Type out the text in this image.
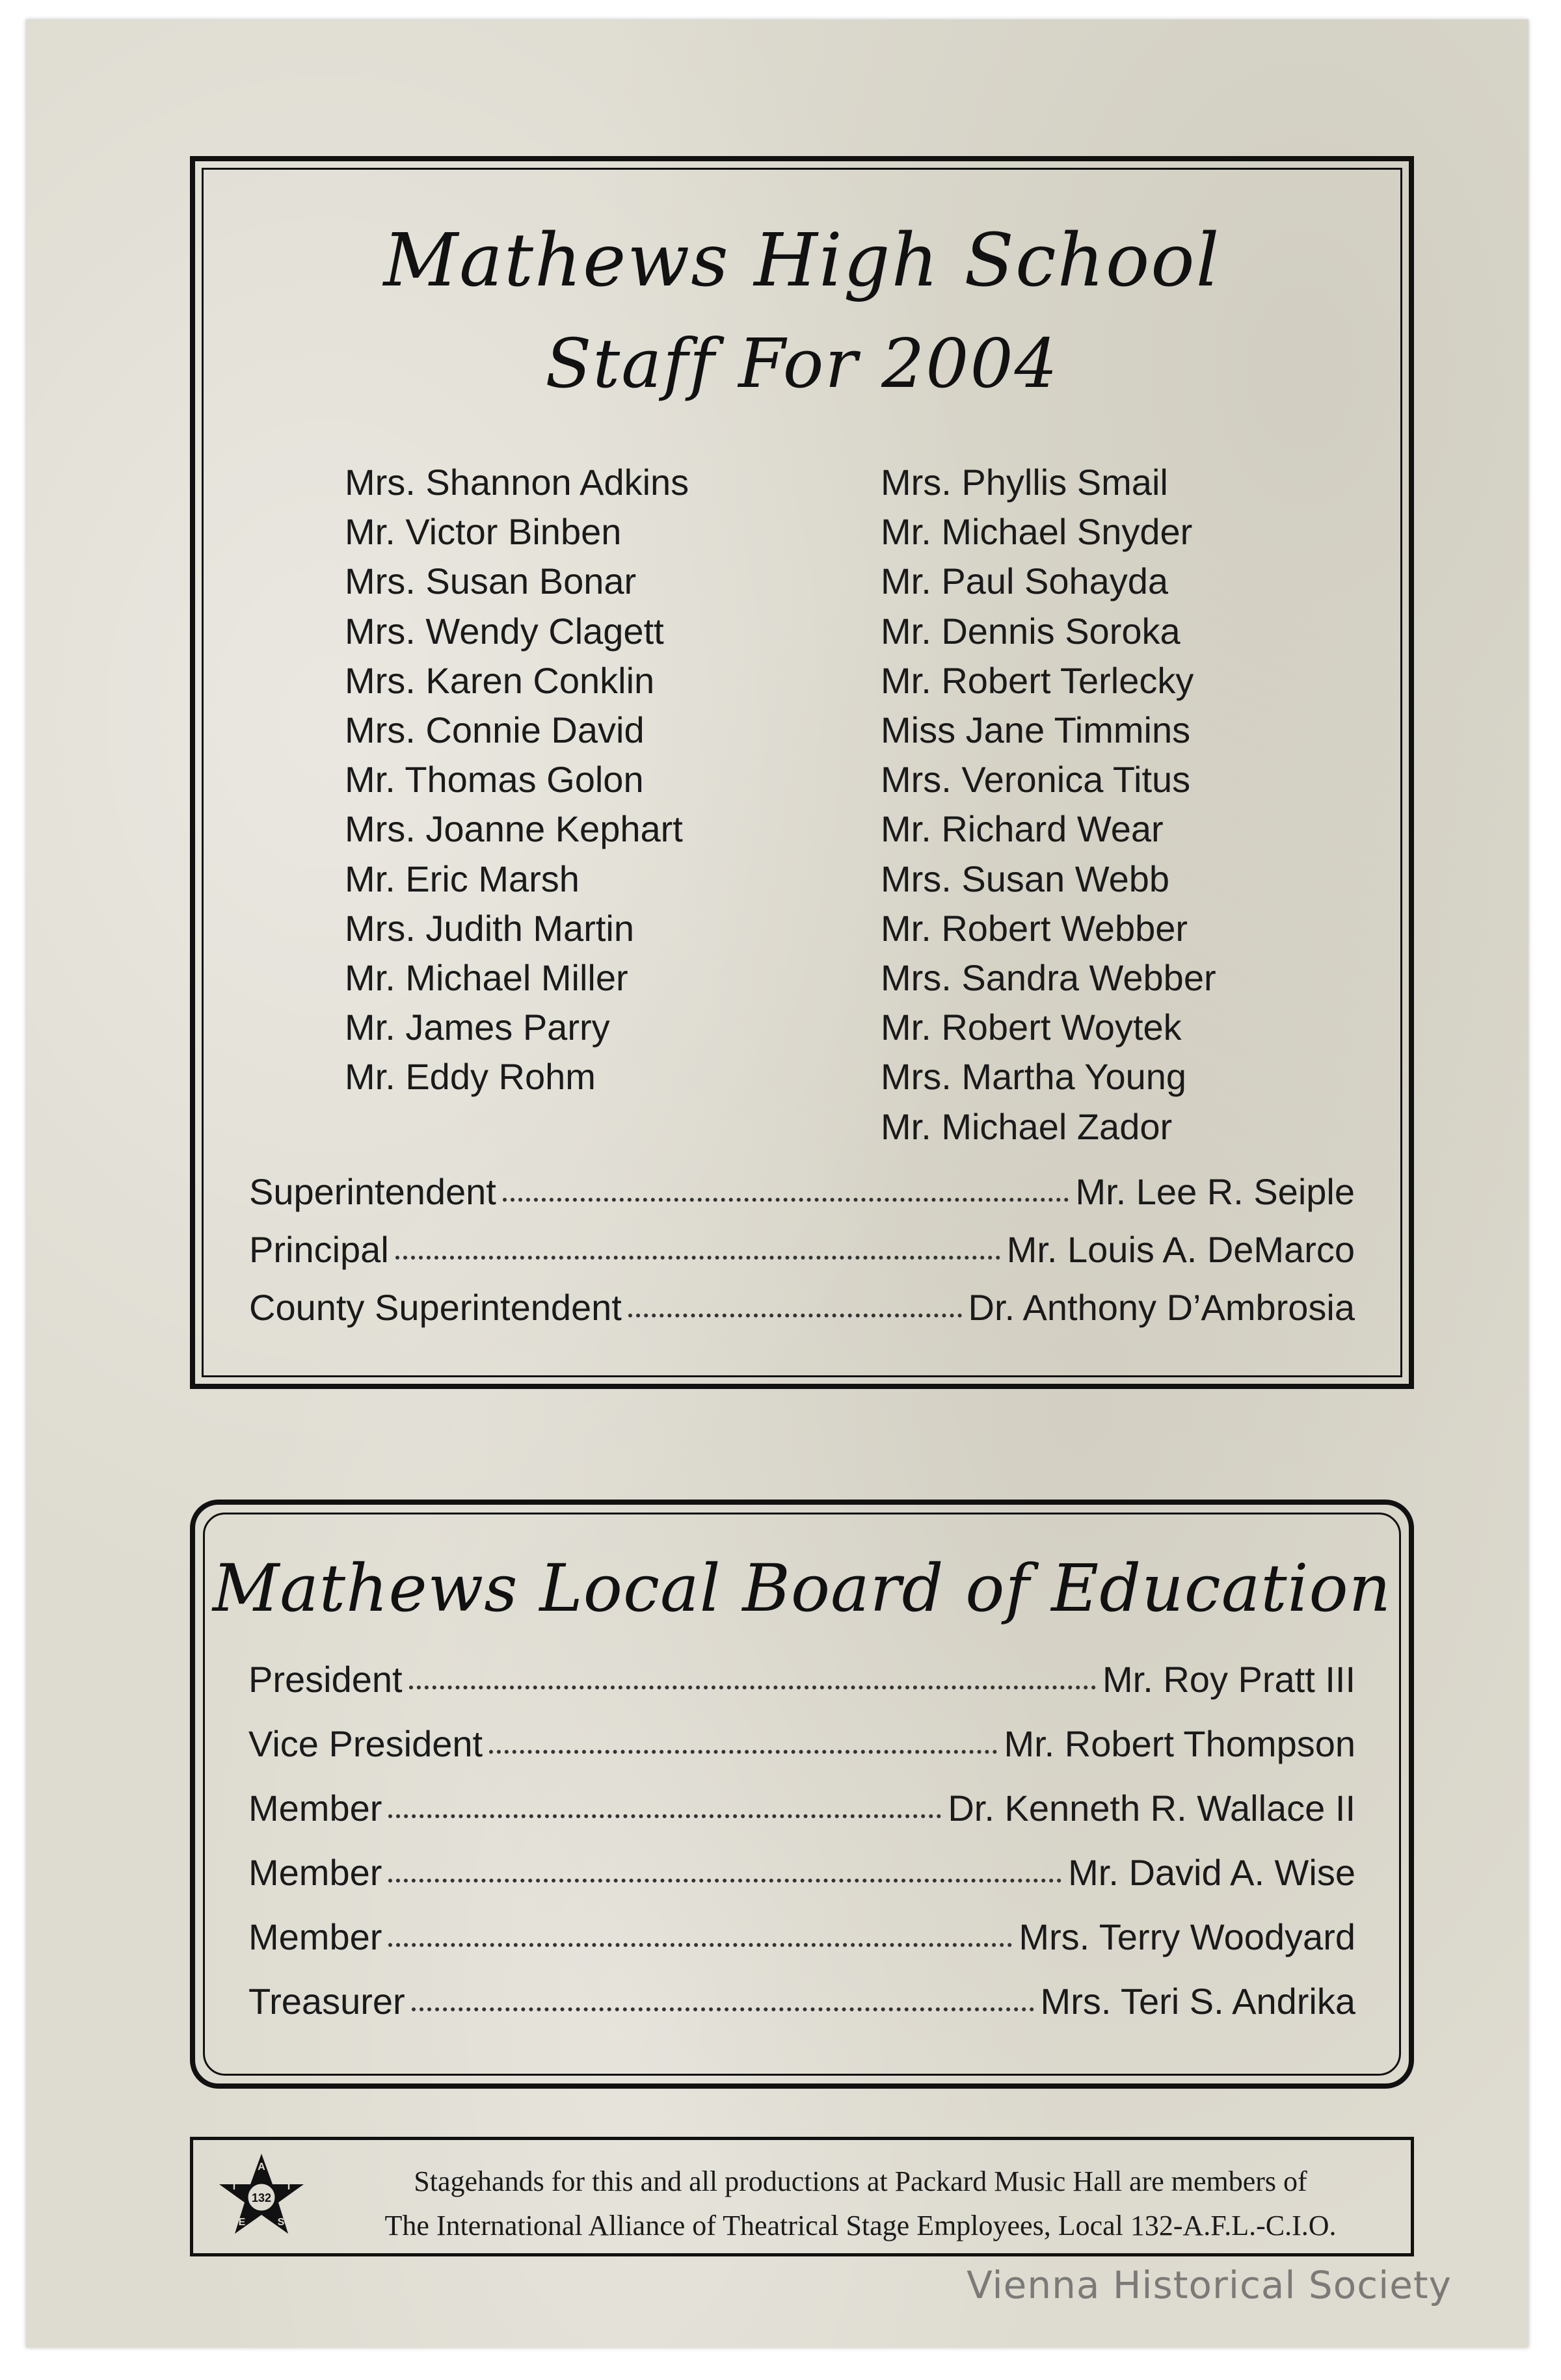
Mathews High School
Staff For 2004
Mrs. Shannon Adkins
Mr. Victor Binben
Mrs. Susan Bonar
Mrs. Wendy Clagett
Mrs. Karen Conklin
Mrs. Connie David
Mr. Thomas Golon
Mrs. Joanne Kephart
Mr. Eric Marsh
Mrs. Judith Martin
Mr. Michael Miller
Mr. James Parry
Mr. Eddy Rohm
Mrs. Phyllis Smail
Mr. Michael Snyder
Mr. Paul Sohayda
Mr. Dennis Soroka
Mr. Robert Terlecky
Miss Jane Timmins
Mrs. Veronica Titus
Mr. Richard Wear
Mrs. Susan Webb
Mr. Robert Webber
Mrs. Sandra Webber
Mr. Robert Woytek
Mrs. Martha Young
Mr. Michael Zador
Superintendent	Mr. Lee R. Seiple
Principal	Mr. Louis A. DeMarco
County Superintendent	Dr. Anthony D’Ambrosia
Mathews Local Board of Education
President	Mr. Roy Pratt III
Vice President	Mr. Robert Thompson
Member	Dr. Kenneth R. Wallace II
Member	Mr. David A. Wise
Member	Mrs. Terry Woodyard
Treasurer	Mrs. Teri S. Andrika
132
A
T
S
E
I	Stagehands for this and all productions at Packard Music Hall are members of
The International Alliance of Theatrical Stage Employees, Local 132-A.F.L.-C.I.O.
Vienna Historical Society
